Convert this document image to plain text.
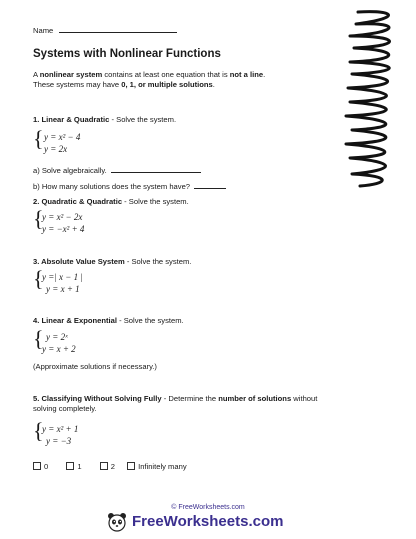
Name
Systems with Nonlinear Functions
A nonlinear system contains at least one equation that is not a line.
These systems may have 0, 1, or multiple solutions.
1. Linear & Quadratic - Solve the system.
{ y = x² − 4
y = 2x
a) Solve algebraically.
b) How many solutions does the system have?
2. Quadratic & Quadratic - Solve the system.
{
y = x² − 2x
y = −x² + 4
3. Absolute Value System - Solve the system.
{
y =| x − 1 |
y = x + 1
4. Linear & Exponential - Solve the system.
{ y = 2ˣ
y = x + 2
(Approximate solutions if necessary.)
5. Classifying Without Solving Fully - Determine the number of solutions without
solving completely.
{
y = x² + 1
y = −3
0	1	2	Infinitely many
© FreeWorksheets.com
FreeWorksheets.com
